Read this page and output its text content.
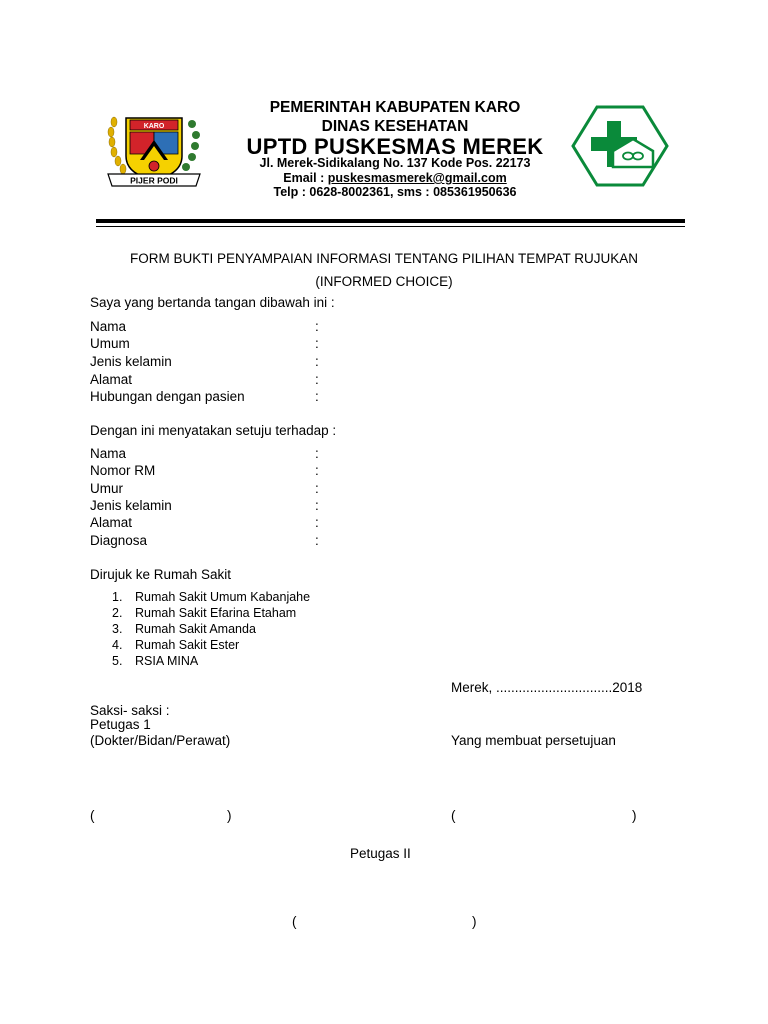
KARO
PIJER PODI
PEMERINTAH KABUPATEN KARO
DINAS KESEHATAN
UPTD PUSKESMAS MEREK
Jl. Merek-Sidikalang No. 137 Kode Pos. 22173
Email : puskesmasmerek@gmail.com
Telp : 0628-8002361, sms : 085361950636
FORM BUKTI PENYAMPAIAN INFORMASI TENTANG PILIHAN TEMPAT RUJUKAN
(INFORMED CHOICE)
Saya yang bertanda tangan dibawah ini :
Nama	:
Umum	:
Jenis kelamin	:
Alamat	:
Hubungan dengan pasien	:
Dengan ini menyatakan setuju terhadap :
Nama	:
Nomor RM	:
Umur	:
Jenis kelamin	:
Alamat	:
Diagnosa	:
Dirujuk ke Rumah Sakit
1. Rumah Sakit Umum Kabanjahe
2. Rumah Sakit Efarina Etaham
3. Rumah Sakit Amanda
4. Rumah Sakit Ester
5. RSIA MINA
Merek, ...............................2018
Saksi- saksi :
Petugas 1
(Dokter/Bidan/Perawat)	Yang membuat persetujuan
(	)	(	)
Petugas II
(	)
